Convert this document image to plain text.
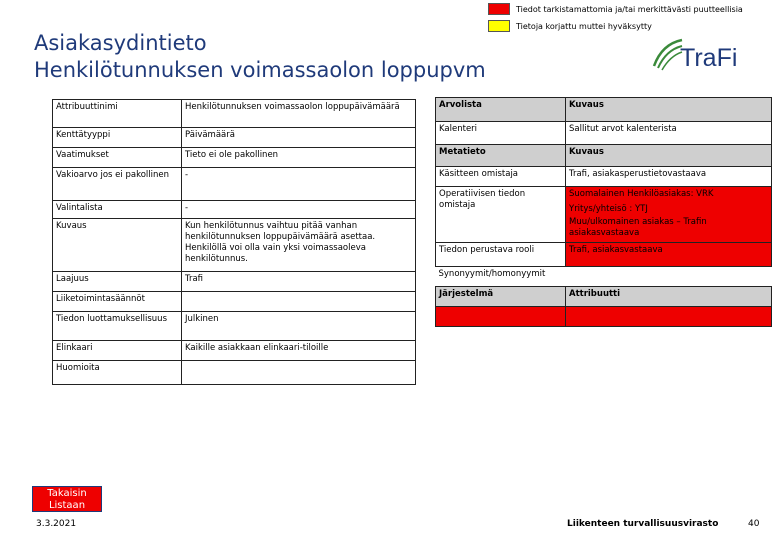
Tiedot tarkistamattomia ja/tai merkittävästi puutteellisia
Tietoja korjattu muttei hyväksytty
Asiakasydintieto
Henkilötunnuksen voimassaolon loppupvm	TraFi
Attribuuttinimi	Henkilötunnuksen voimassaolon loppupäivämäärä
Kenttätyyppi	Päivämäärä
Vaatimukset	Tieto ei ole pakollinen
Vakioarvo jos ei pakollinen	-
Valintalista	-
Kuvaus	Kun henkilötunnus vaihtuu pitää vanhan henkilötunnuksen loppupäivämäärä asettaa. Henkilöllä voi olla vain yksi voimassaoleva henkilötunnus.
Laajuus	Trafi
Liiketoimintasäännöt	
Tiedon luottamuksellisuus	Julkinen
Elinkaari	Kaikille asiakkaan elinkaari-tiloille
Huomioita	
Arvolista	Kuvaus
Kalenteri	Sallitut arvot kalenterista
Metatieto	Kuvaus
Käsitteen omistaja	Trafi, asiakasperustietovastaava
Operatiivisen tiedon omistaja	Suomalainen Henkilöasiakas: VRK
Yritys/yhteisö : YTJ
Muu/ulkomainen asiakas – Trafin asiakasvastaava

Tiedon perustava rooli	Trafi, asiakasvastaava
Synonyymit/homonyymit	
Järjestelmä	Attribuutti

Takaisin
Listaan
3.3.2021	Liikenteen turvallisuusvirasto	40
